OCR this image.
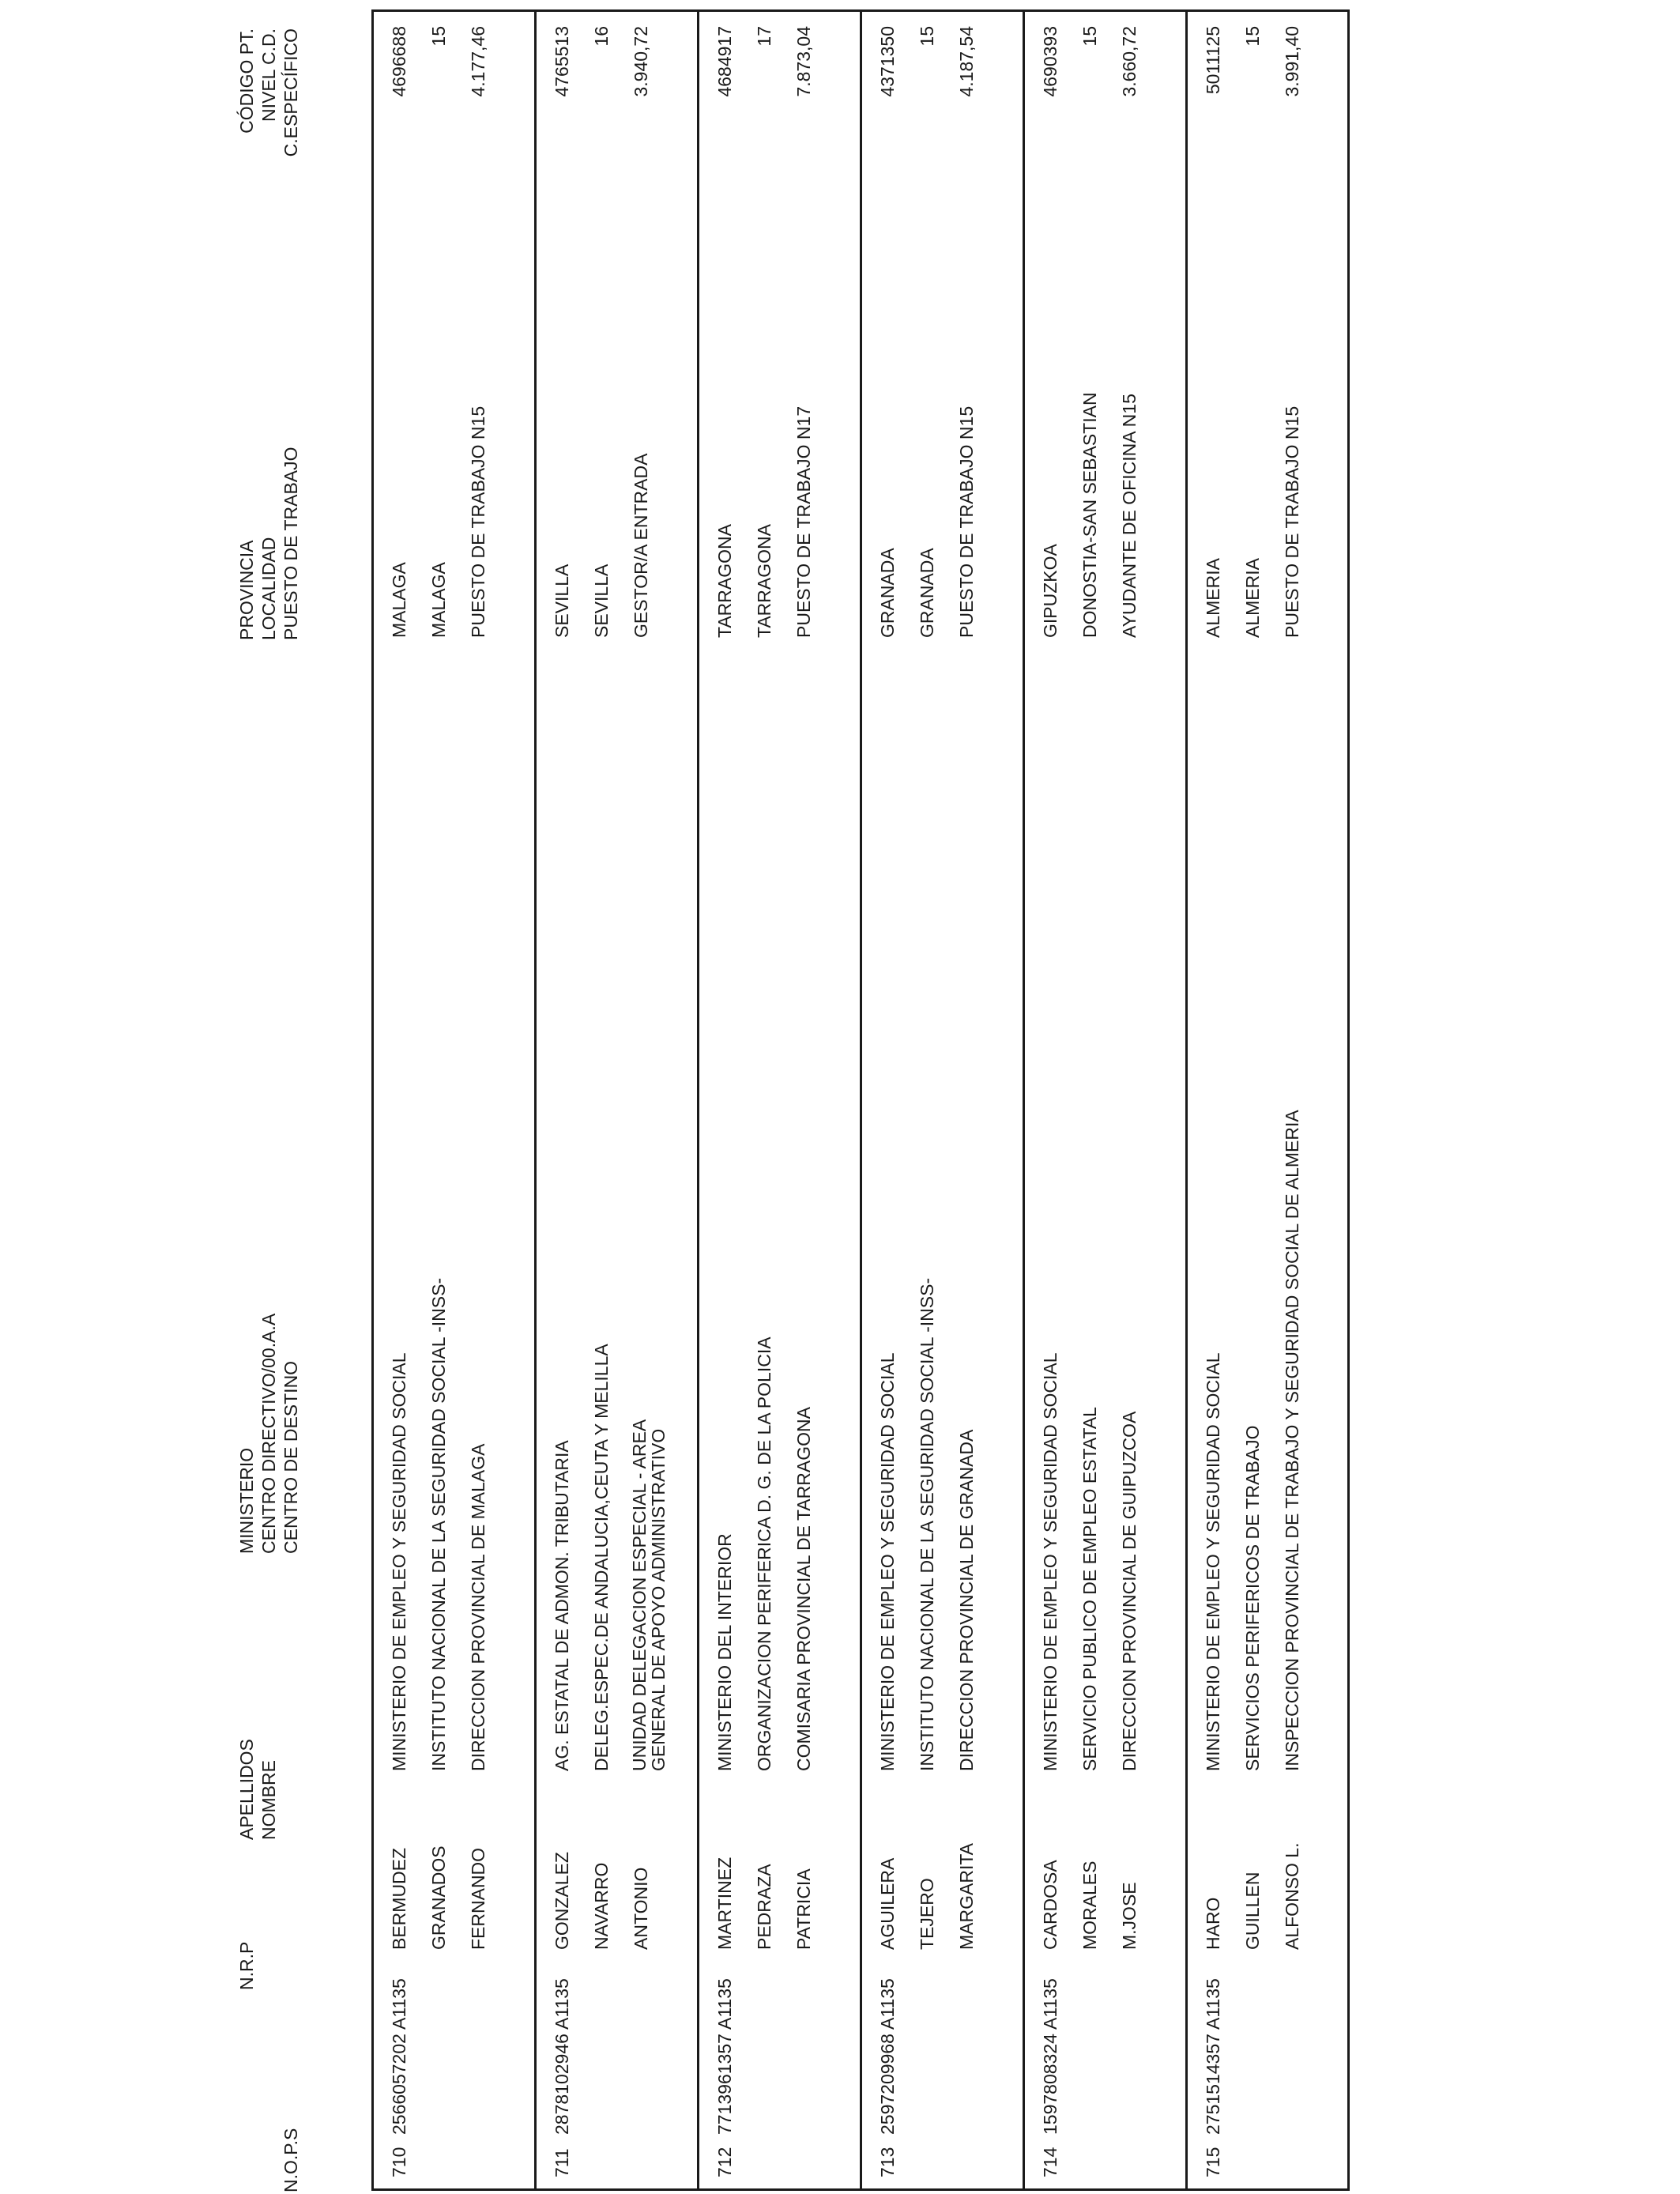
N.O.P.S
N.R.P
APELLIDOS NOMBRE
MINISTERIO CENTRO DIRECTIVO/00.A.A CENTRO DE DESTINO
PROVINCIA LOCALIDAD PUESTO DE TRABAJO
CÓDIGO PT. NIVEL C.D. C.ESPECÍFICO
710
2566057202 A1135
BERMUDEZ GRANADOS FERNANDO
MINISTERIO DE EMPLEO Y SEGURIDAD SOCIAL INSTITUTO NACIONAL DE LA SEGURIDAD SOCIAL -INSS- DIRECCION PROVINCIAL DE MALAGA
MALAGA MALAGA PUESTO DE TRABAJO N15
4696688 15 4.177,46
711
2878102946 A1135
GONZALEZ NAVARRO ANTONIO
AG. ESTATAL DE ADMON. TRIBUTARIA DELEG.ESPEC.DE ANDALUCIA,CEUTA Y MELILLA UNIDAD DELEGACION ESPECIAL - AREA GENERAL DE APOYO ADMINISTRATIVO
SEVILLA SEVILLA GESTOR/A ENTRADA
4765513 16 3.940,72
712
7713961357 A1135
MARTINEZ PEDRAZA PATRICIA
MINISTERIO DEL INTERIOR ORGANIZACION PERIFERICA D. G. DE LA POLICIA COMISARIA PROVINCIAL DE TARRAGONA
TARRAGONA TARRAGONA PUESTO DE TRABAJO N17
4684917 17 7.873,04
713
2597209968 A1135
AGUILERA TEJERO MARGARITA
MINISTERIO DE EMPLEO Y SEGURIDAD SOCIAL INSTITUTO NACIONAL DE LA SEGURIDAD SOCIAL -INSS- DIRECCION PROVINCIAL DE GRANADA
GRANADA GRANADA PUESTO DE TRABAJO N15
4371350 15 4.187,54
714
1597808324 A1135
CARDOSA MORALES M.JOSE
MINISTERIO DE EMPLEO Y SEGURIDAD SOCIAL SERVICIO PUBLICO DE EMPLEO ESTATAL DIRECCION PROVINCIAL DE GUIPUZCOA
GIPUZKOA DONOSTIA-SAN SEBASTIAN AYUDANTE DE OFICINA N15
4690393 15 3.660,72
715
2751514357 A1135
HARO GUILLEN ALFONSO L.
MINISTERIO DE EMPLEO Y SEGURIDAD SOCIAL SERVICIOS PERIFERICOS DE TRABAJO INSPECCION PROVINCIAL DE TRABAJO Y SEGURIDAD SOCIAL DE ALMERIA
ALMERIA ALMERIA PUESTO DE TRABAJO N15
5011125 15 3.991,40
